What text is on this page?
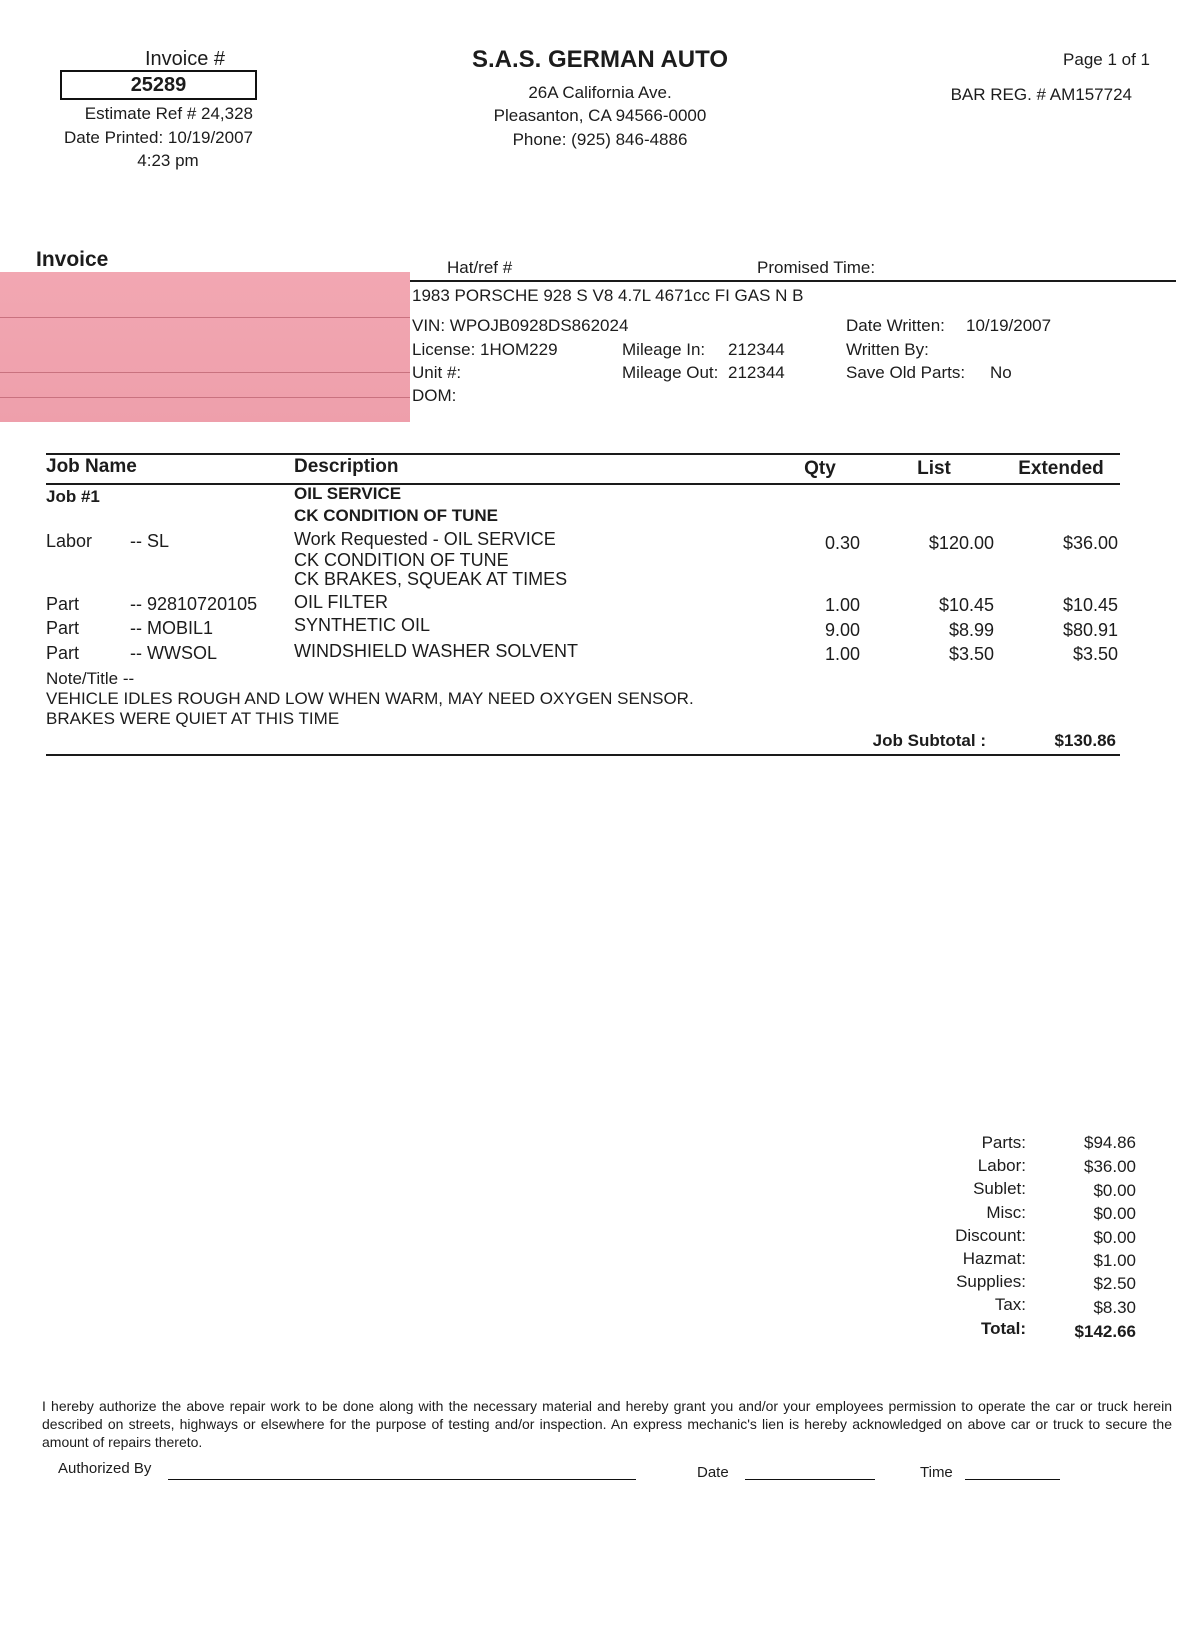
Invoice #
25289
Estimate Ref # 24,328
Date Printed: 10/19/2007
4:23 pm
S.A.S. GERMAN AUTO
26A California Ave.
Pleasanton, CA 94566-0000
Phone: (925) 846-4886
Page 1 of 1
BAR REG. # AM157724
Invoice	Hat/ref #	Promised Time:
1983 PORSCHE 928 S V8 4.7L 4671cc FI GAS N B
VIN: WPOJB0928DS862024
License: 1HOM229
Unit #:
DOM:
Mileage In: 212344
Mileage Out: 212344
Date Written: 10/19/2007
Written By:
Save Old Parts: No
Job Name	Description	Qty	List	Extended
Job #1	OIL SERVICE
CK CONDITION OF TUNE
Labor -- SL	Work Requested - OIL SERVICE	0.30	$120.00	$36.00
CK CONDITION OF TUNE
CK BRAKES, SQUEAK AT TIMES
Part	-- 92810720105 OIL FILTER	1.00	$10.45	$10.45
Part	-- MOBIL1	SYNTHETIC OIL	9.00	$8.99	$80.91
Part	-- WWSOL	WINDSHIELD WASHER SOLVENT	1.00	$3.50	$3.50
Note/Title --
VEHICLE IDLES ROUGH AND LOW WHEN WARM, MAY NEED OXYGEN SENSOR.
BRAKES WERE QUIET AT THIS TIME
Job Subtotal :	$130.86
Parts:	$94.86
Labor:	$36.00
Sublet:	$0.00
Misc:	$0.00
Discount:	$0.00
Hazmat:	$1.00
Supplies:	$2.50
Tax:	$8.30
Total:	$142.66
I hereby authorize the above repair work to be done along with the necessary material and hereby grant you and/or your employees permission to operate the car or truck herein described on streets, highways or elsewhere for the purpose of testing and/or inspection. An express mechanic's lien is hereby acknowledged on above car or truck to secure the amount of repairs thereto.
Authorized By	Date	Time
